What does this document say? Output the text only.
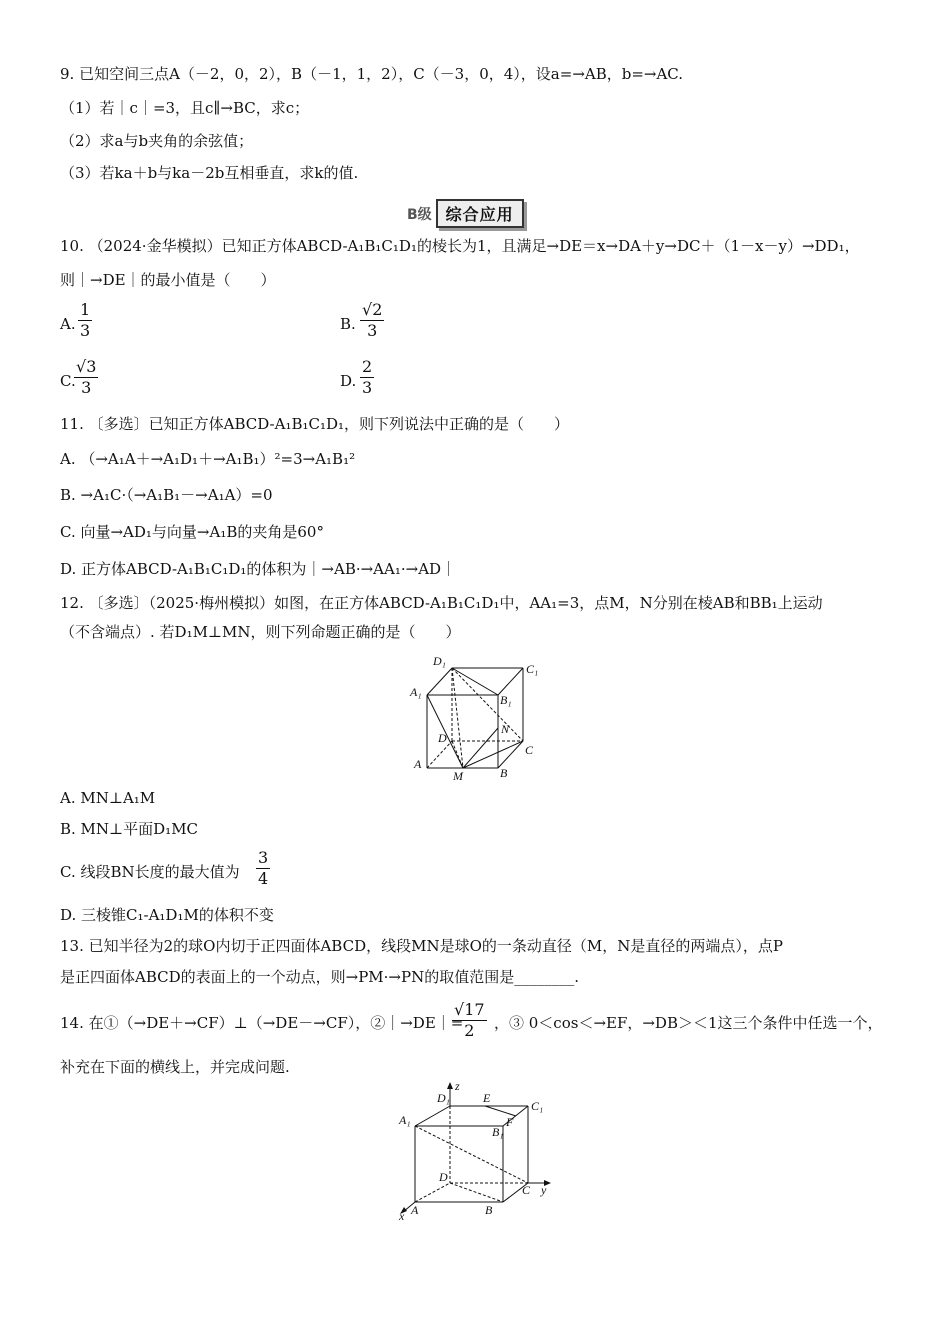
9. 已知空间三点A（－2，0，2），B（－1，1，2），C（－3，0，4），设a=→AB，b=→AC.
（1）若｜c｜=3，且c∥→BC，求c；
（2）求a与b夹角的余弦值；
（3）若ka＋b与ka－2b互相垂直，求k的值.
B级 综合应用
10. （2024·金华模拟）已知正方体ABCD-A₁B₁C₁D₁的棱长为1，且满足→DE＝x→DA＋y→DC＋（1－x－y）→DD₁，
则｜→DE｜的最小值是（　　）
A. $\frac{1}{3}$	B. $\frac{√2}{3}$
C.
$\frac{√3}{3}$	D. $\frac{2}{3}$
11. 〔多选〕已知正方体ABCD-A₁B₁C₁D₁，则下列说法中正确的是（　　）
A. （→A₁A＋→A₁D₁＋→A₁B₁）²=3→A₁B₁²
B. →A₁C·（→A₁B₁－→A₁A）=0
C. 向量→AD₁与向量→A₁B的夹角是60°
D. 正方体ABCD-A₁B₁C₁D₁的体积为｜→AB·→AA₁·→AD｜
12. 〔多选〕（2025·梅州模拟）如图，在正方体ABCD-A₁B₁C₁D₁中，AA₁=3，点M，N分别在棱AB和BB₁上运动
（不含端点）. 若D₁M⊥MN，则下列命题正确的是（　　）
D₁
C₁
A₁
B₁
N
D
C
A
M	B
A. MN⊥A₁M
B. MN⊥平面D₁MC
C. 线段BN长度的最大值为 $\frac{3}{4}$
D. 三棱锥C₁-A₁D₁M的体积不变
13. 已知半径为2的球O内切于正四面体ABCD，线段MN是球O的一条动直径（M，N是直径的两端点），点P
是正四面体ABCD的表面上的一个动点，则→PM·→PN的取值范围是________.
14. 在①（→DE＋→CF）⊥（→DE－→CF），②｜→DE｜=
$\frac{√17}{2}$ ，③ 0＜cos＜→EF，→DB＞＜1这三个条件中任选一个，
补充在下面的横线上，并完成问题.
z
D₁	E
C₁
A₁
B₁
F
D
C y
x A	B
